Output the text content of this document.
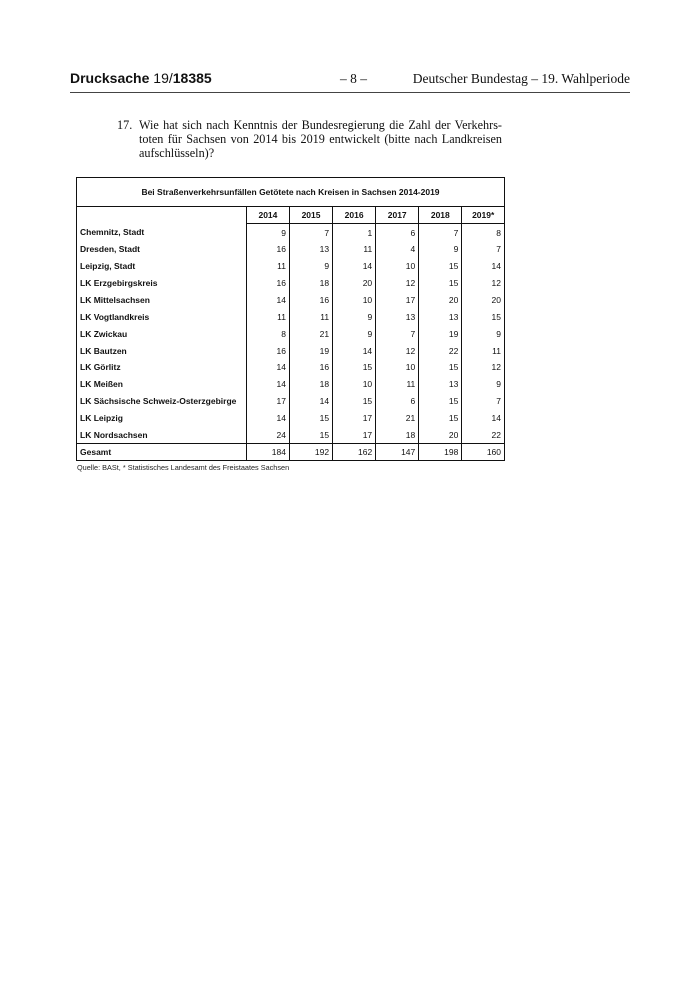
Drucksache 19/18385	– 8 –	Deutscher Bundestag – 19. Wahlperiode
17. Wie hat sich nach Kenntnis der Bundesregierung die Zahl der Verkehrs-toten für Sachsen von 2014 bis 2019 entwickelt (bitte nach Landkreisen aufschlüsseln)?
Bei Straßenverkehrsunfällen Getötete nach Kreisen in Sachsen 2014-2019
	2014	2015	2016	2017	2018	2019*
Chemnitz, Stadt	9	7	1	6	7	8
Dresden, Stadt	16	13	11	4	9	7
Leipzig, Stadt	11	9	14	10	15	14
LK Erzgebirgskreis	16	18	20	12	15	12
LK Mittelsachsen	14	16	10	17	20	20
LK Vogtlandkreis	11	11	9	13	13	15
LK Zwickau	8	21	9	7	19	9
LK Bautzen	16	19	14	12	22	11
LK Görlitz	14	16	15	10	15	12
LK Meißen	14	18	10	11	13	9
LK Sächsische Schweiz-Osterzgebirge	17	14	15	6	15	7
LK Leipzig	14	15	17	21	15	14
LK Nordsachsen	24	15	17	18	20	22
Gesamt	184	192	162	147	198	160
Quelle: BASt, * Statistisches Landesamt des Freistaates Sachsen
